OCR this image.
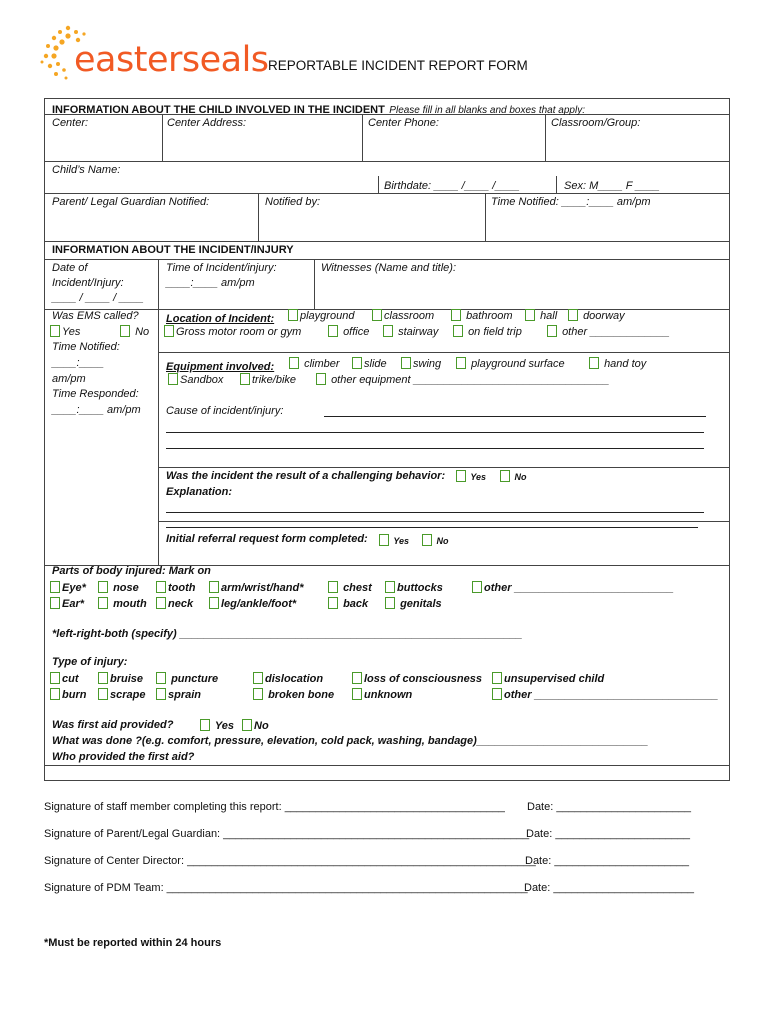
easterseals REPORTABLE INCIDENT REPORT FORM
INFORMATION ABOUT THE CHILD INVOLVED IN THE INCIDENT Please fill in all blanks and boxes that apply:
Center:	Center Address:	Center Phone:	Classroom/Group:
Child’s Name:
Birthdate: ____ /____ /____	Sex: M____ F ____
Parent/ Legal Guardian Notified:	Notified by:	Time Notified: ____:____ am/pm
INFORMATION ABOUT THE INCIDENT/INJURY
Date of
Incident/Injury:
____ / ____ / ____
Time of Incident/injury:
____:____ am/pm
Witnesses (Name and title):
Was EMS called?
Yes	No
Time Notified:
____:____
am/pm
Time Responded:
____:____ am/pm
Location of Incident:	playground	classroom	bathroom	hall	doorway
Gross motor room or gym	office	stairway	on field trip	other _____________
Equipment involved:	climber	slide	swing	playground surface	hand toy
Sandbox	trike/bike	other equipment ________________________________
Cause of incident/injury:
Was the incident the result of a challenging behavior:	Yes	No
Explanation:
Initial referral request form completed:	Yes	No
Parts of body injured: Mark on
Eye*	nose	tooth	arm/wrist/hand*	chest	buttocks	other __________________________
Ear*	mouth	neck	leg/ankle/foot*	back	genitals
*left-right-both (specify) ________________________________________________________
Type of injury:
cut	bruise	puncture	dislocation	loss of consciousness	unsupervised child
burn	scrape	sprain	broken bone	unknown	other ______________________________
Was first aid provided?	Yes	No
What was done ?(e.g. comfort, pressure, elevation, cold pack, washing, bandage)____________________________
Who provided the first aid?
Signature of staff member completing this report: ____________________________________ Date: ______________________
Signature of Parent/Legal Guardian: __________________________________________________
Date: ______________________
Signature of Center Director: _________________________________________________________
Date: ______________________
Signature of PDM Team: ___________________________________________________________
Date: _______________________
*Must be reported within 24 hours
